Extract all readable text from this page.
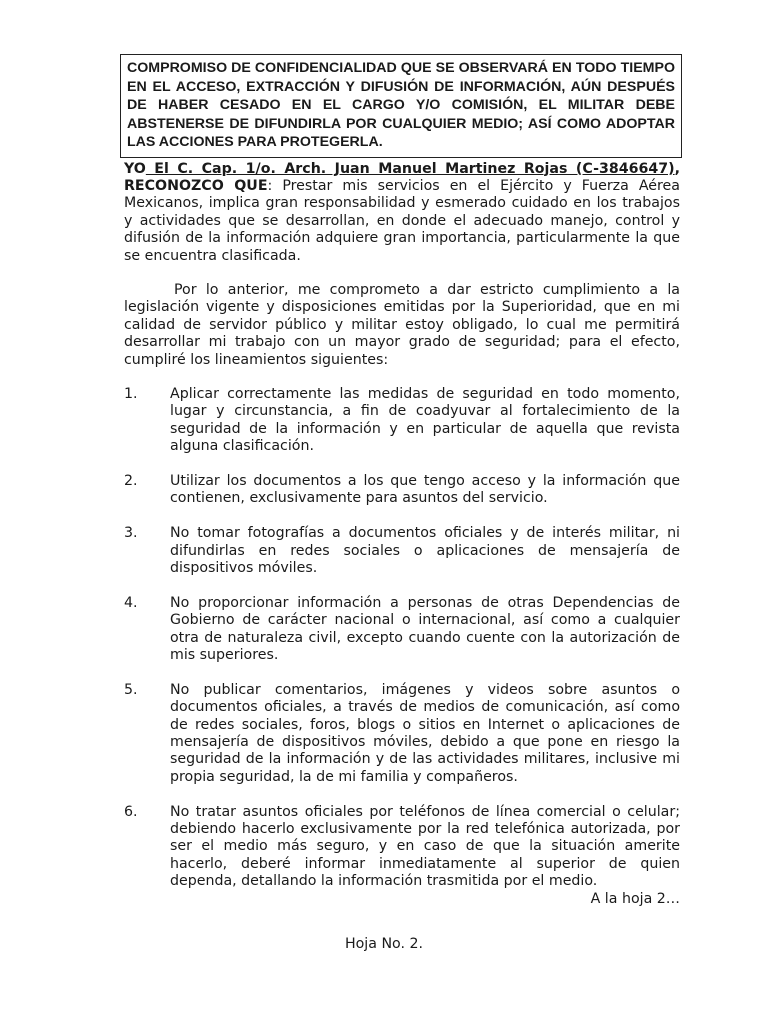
COMPROMISO DE CONFIDENCIALIDAD QUE SE OBSERVARÁ EN TODO TIEMPO EN EL ACCESO, EXTRACCIÓN Y DIFUSIÓN DE INFORMACIÓN, AÚN DESPUÉS DE HABER CESADO EN EL CARGO Y/O COMISIÓN, EL MILITAR DEBE ABSTENERSE DE DIFUNDIRLA POR CUALQUIER MEDIO; ASÍ COMO ADOPTAR LAS ACCIONES PARA PROTEGERLA.
YO El C. Cap. 1/o. Arch. Juan Manuel Martinez Rojas (C-3846647), RECONOZCO QUE: Prestar mis servicios en el Ejército y Fuerza Aérea Mexicanos, implica gran responsabilidad y esmerado cuidado en los trabajos y actividades que se desarrollan, en donde el adecuado manejo, control y difusión de la información adquiere gran importancia, particularmente la que se encuentra clasificada.
Por lo anterior, me comprometo a dar estricto cumplimiento a la legislación vigente y disposiciones emitidas por la Superioridad, que en mi calidad de servidor público y militar estoy obligado, lo cual me permitirá desarrollar mi trabajo con un mayor grado de seguridad; para el efecto, cumpliré los lineamientos siguientes:
1.	Aplicar correctamente las medidas de seguridad en todo momento, lugar y circunstancia, a fin de coadyuvar al fortalecimiento de la seguridad de la información y en particular de aquella que revista alguna clasificación.
2.	Utilizar los documentos a los que tengo acceso y la información que contienen, exclusivamente para asuntos del servicio.
3.	No tomar fotografías a documentos oficiales y de interés militar, ni difundirlas en redes sociales o aplicaciones de mensajería de dispositivos móviles.
4.	No proporcionar información a personas de otras Dependencias de Gobierno de carácter nacional o internacional, así como a cualquier otra de naturaleza civil, excepto cuando cuente con la autorización de mis superiores.
5.	No publicar comentarios, imágenes y videos sobre asuntos o documentos oficiales, a través de medios de comunicación, así como de redes sociales, foros, blogs o sitios en Internet o aplicaciones de mensajería de dispositivos móviles, debido a que pone en riesgo la seguridad de la información y de las actividades militares, inclusive mi propia seguridad, la de mi familia y compañeros.
6.	No tratar asuntos oficiales por teléfonos de línea comercial o celular; debiendo hacerlo exclusivamente por la red telefónica autorizada, por ser el medio más seguro, y en caso de que la situación amerite hacerlo, deberé informar inmediatamente al superior de quien dependa, detallando la información trasmitida por el medio.
A la hoja 2…
Hoja No. 2.
